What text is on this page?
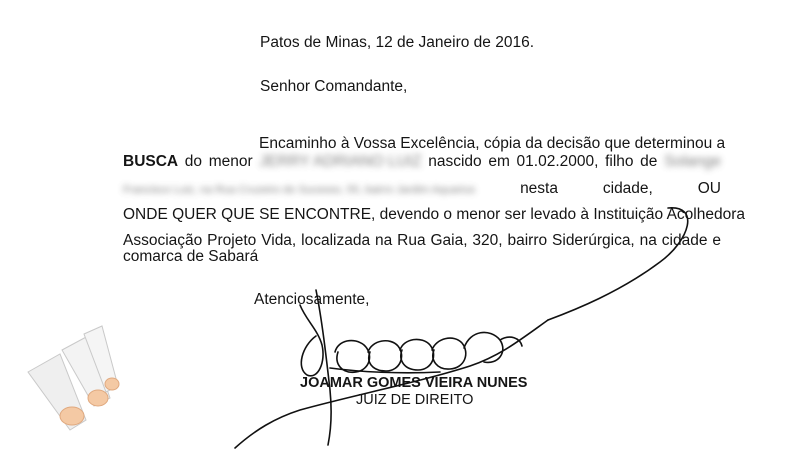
Patos de Minas, 12 de Janeiro de 2016.
Senhor Comandante,
Encaminho à Vossa Excelência, cópia da decisão que determinou a
BUSCA do menor JERRY ADRIANO LUIZ nascido em 01.02.2000, filho de Solange
Francisco Luiz, na Rua Cruzeiro do Sucesso, 55, bairro Jardim Aquarius	nesta cidade, OU
ONDE QUER QUE SE ENCONTRE, devendo o menor ser levado à Instituição Acolhedora
Associação Projeto Vida, localizada na Rua Gaia, 320, bairro Siderúrgica, na cidade e
comarca de Sabará
Atenciosamente,
JOAMAR GOMES VIEIRA NUNES
JUIZ DE DIREITO
